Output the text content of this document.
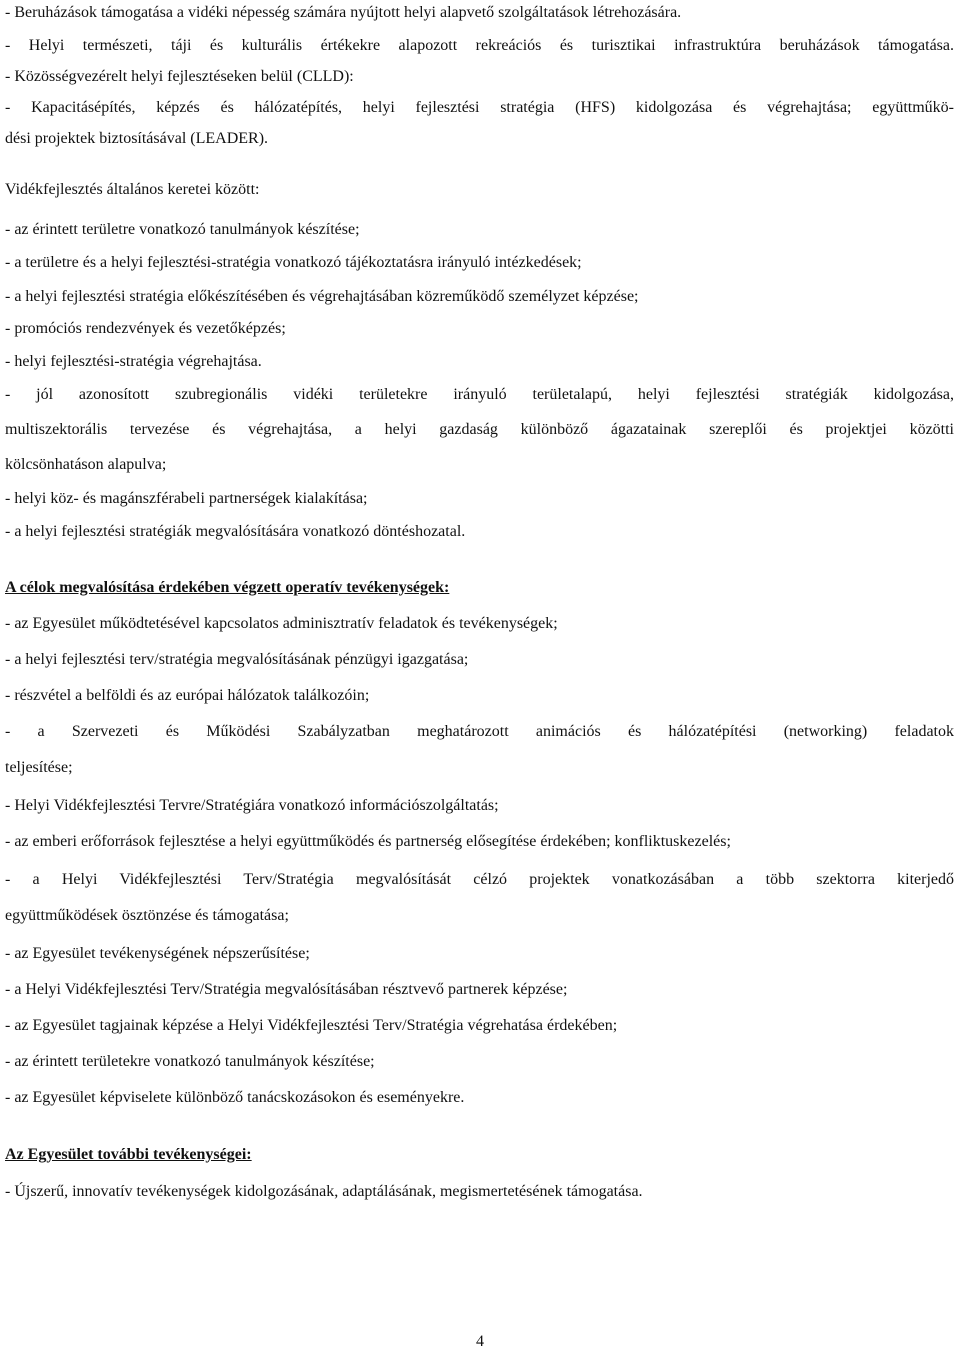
- Beruházások támogatása a vidéki népesség számára nyújtott helyi alapvető szolgáltatások létrehozására.
- Helyi természeti, táji és kulturális értékekre alapozott rekreációs és turisztikai infrastruktúra beruházások támogatása.
- Közösségvezérelt helyi fejlesztéseken belül (CLLD):
- Kapacitásépítés, képzés és hálózatépítés, helyi fejlesztési stratégia (HFS) kidolgozása és végrehajtása; együttműkö-
dési projektek biztosításával (LEADER).
Vidékfejlesztés általános keretei között:
- az érintett területre vonatkozó tanulmányok készítése;
- a területre és a helyi fejlesztési-stratégia vonatkozó tájékoztatásra irányuló intézkedések;
- a helyi fejlesztési stratégia előkészítésében és végrehajtásában közreműködő személyzet képzése;
- promóciós rendezvények és vezetőképzés;
- helyi fejlesztési-stratégia végrehajtása.
- jól azonosított szubregionális vidéki területekre irányuló területalapú, helyi fejlesztési stratégiák kidolgozása,
multiszektorális tervezése és végrehajtása, a helyi gazdaság különböző ágazatainak szereplői és projektjei közötti
kölcsönhatáson alapulva;
- helyi köz- és magánszférabeli partnerségek kialakítása;
- a helyi fejlesztési stratégiák megvalósítására vonatkozó döntéshozatal.
A célok megvalósítása érdekében végzett operatív tevékenységek:
- az Egyesület működtetésével kapcsolatos adminisztratív feladatok és tevékenységek;
- a helyi fejlesztési terv/stratégia megvalósításának pénzügyi igazgatása;
- részvétel a belföldi és az európai hálózatok találkozóin;
- a Szervezeti és Működési Szabályzatban meghatározott animációs és hálózatépítési (networking) feladatok
teljesítése;
- Helyi Vidékfejlesztési Tervre/Stratégiára vonatkozó információszolgáltatás;
- az emberi erőforrások fejlesztése a helyi együttműködés és partnerség elősegítése érdekében; konfliktuskezelés;
- a Helyi Vidékfejlesztési Terv/Stratégia megvalósítását célzó projektek vonatkozásában a több szektorra kiterjedő
együttműködések ösztönzése és támogatása;
- az Egyesület tevékenységének népszerűsítése;
- a Helyi Vidékfejlesztési Terv/Stratégia megvalósításában résztvevő partnerek képzése;
- az Egyesület tagjainak képzése a Helyi Vidékfejlesztési Terv/Stratégia végrehatása érdekében;
- az érintett területekre vonatkozó tanulmányok készítése;
- az Egyesület képviselete különböző tanácskozásokon és eseményekre.
Az Egyesület további tevékenységei:
- Újszerű, innovatív tevékenységek kidolgozásának, adaptálásának, megismertetésének támogatása.
4
